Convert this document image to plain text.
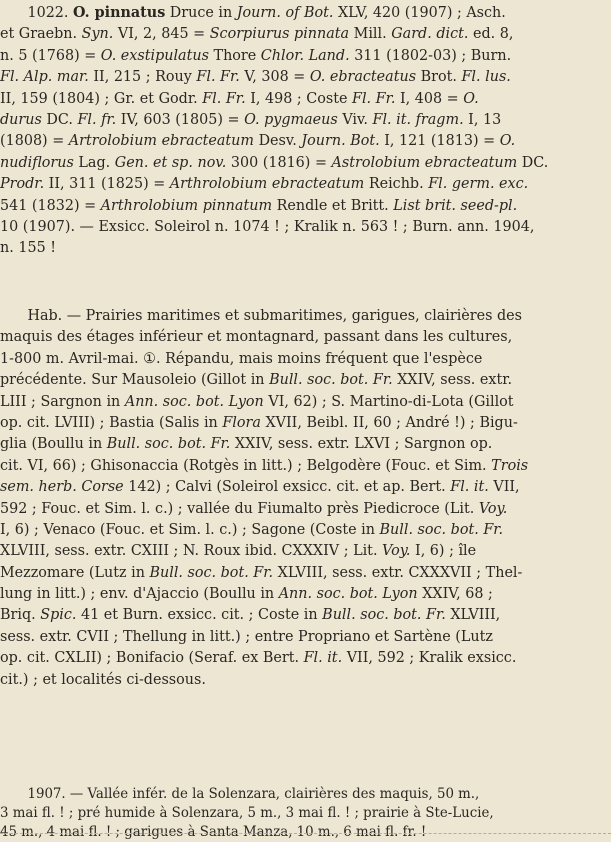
1022. O. pinnatus Druce in Journ. of Bot. XLV, 420 (1907) ; Asch.
et Graebn. Syn. VI, 2, 845 = Scorpiurus pinnata Mill. Gard. dict. ed. 8,
n. 5 (1768) = O. exstipulatus Thore Chlor. Land. 311 (1802-03) ; Burn.
Fl. Alp. mar. II, 215 ; Rouy Fl. Fr. V, 308 = O. ebracteatus Brot. Fl. lus.
II, 159 (1804) ; Gr. et Godr. Fl. Fr. I, 498 ; Coste Fl. Fr. I, 408 = O.
durus DC. Fl. fr. IV, 603 (1805) = O. pygmaeus Viv. Fl. it. fragm. I, 13
(1808) = Artrolobium ebracteatum Desv. Journ. Bot. I, 121 (1813) = O.
nudiflorus Lag. Gen. et sp. nov. 300 (1816) = Astrolobium ebracteatum DC.
Prodr. II, 311 (1825) = Arthrolobium ebracteatum Reichb. Fl. germ. exc.
541 (1832) = Arthrolobium pinnatum Rendle et Britt. List brit. seed-pl.
10 (1907). — Exsicc. Soleirol n. 1074 ! ; Kralik n. 563 ! ; Burn. ann. 1904,
n. 155 !
Hab. — Prairies maritimes et submaritimes, garigues, clairières des
maquis des étages inférieur et montagnard, passant dans les cultures,
1-800 m. Avril-mai. ①. Répandu, mais moins fréquent que l'espèce
précédente. Sur Mausoleio (Gillot in Bull. soc. bot. Fr. XXIV, sess. extr.
LIII ; Sargnon in Ann. soc. bot. Lyon VI, 62) ; S. Martino-di-Lota (Gillot
op. cit. LVIII) ; Bastia (Salis in Flora XVII, Beibl. II, 60 ; André !) ; Bigu-
glia (Boullu in Bull. soc. bot. Fr. XXIV, sess. extr. LXVI ; Sargnon op.
cit. VI, 66) ; Ghisonaccia (Rotgès in litt.) ; Belgodère (Fouc. et Sim. Trois
sem. herb. Corse 142) ; Calvi (Soleirol exsicc. cit. et ap. Bert. Fl. it. VII,
592 ; Fouc. et Sim. l. c.) ; vallée du Fiumalto près Piedicroce (Lit. Voy.
I, 6) ; Venaco (Fouc. et Sim. l. c.) ; Sagone (Coste in Bull. soc. bot. Fr.
XLVIII, sess. extr. CXIII ; N. Roux ibid. CXXXIV ; Lit. Voy. I, 6) ; île
Mezzomare (Lutz in Bull. soc. bot. Fr. XLVIII, sess. extr. CXXXVII ; Thel-
lung in litt.) ; env. d'Ajaccio (Boullu in Ann. soc. bot. Lyon XXIV, 68 ;
Briq. Spic. 41 et Burn. exsicc. cit. ; Coste in Bull. soc. bot. Fr. XLVIII,
sess. extr. CVII ; Thellung in litt.) ; entre Propriano et Sartène (Lutz
op. cit. CXLII) ; Bonifacio (Seraf. ex Bert. Fl. it. VII, 592 ; Kralik exsicc.
cit.) ; et localités ci-dessous.
1907. — Vallée infér. de la Solenzara, clairières des maquis, 50 m.,
3 mai fl. ! ; pré humide à Solenzara, 5 m., 3 mai fl. ! ; prairie à Ste-Lucie,
45 m., 4 mai fl. ! ; garigues à Santa Manza, 10 m., 6 mai fl. fr. !
